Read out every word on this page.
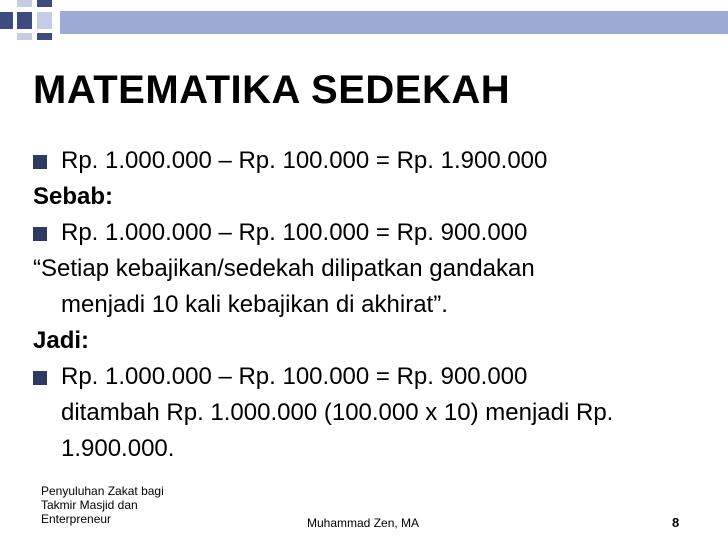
MATEMATIKA SEDEKAH
Rp. 1.000.000 – Rp. 100.000 = Rp. 1.900.000
Sebab:
Rp. 1.000.000 – Rp. 100.000 = Rp. 900.000
“Setiap kebajikan/sedekah dilipatkan gandakan
menjadi 10 kali kebajikan di akhirat”.
Jadi:
Rp. 1.000.000 – Rp. 100.000 = Rp. 900.000
ditambah Rp. 1.000.000 (100.000 x 10) menjadi Rp.
1.900.000.
Penyuluhan Zakat bagi
Takmir Masjid dan
Enterpreneur	Muhammad Zen, MA	8
